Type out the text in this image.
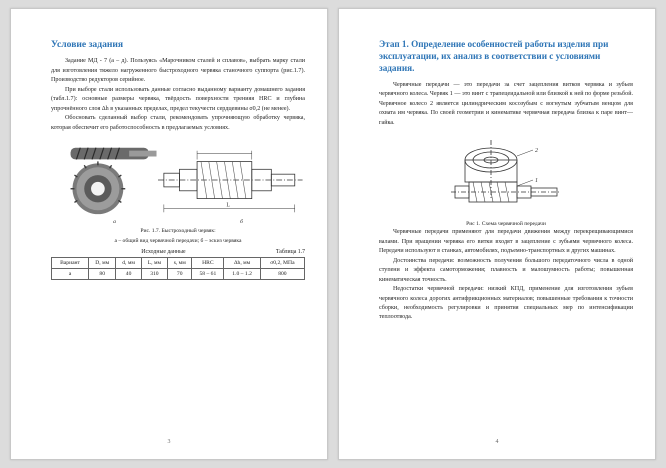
Условие задания

Задание МД - 7 (а – д). Пользуясь «Марочником сталей и сплавов», выбрать марку стали для изготовления тяжело нагруженного быстроходного червяка станочного суппорта (рис.1.7). Производство редукторов серийное.

При выборе стали использовать данные согласно выданному варианту домашнего задания (табл.1.7): основные размеры червяка, твёрдость поверхности тренияя HRC и глубина упрочнённого слоя Δh в указанных пределах, предел текучести сердцевины σ0,2 (не менее).

Обосновать сделанный выбор стали, рекомендовать упрочняющую обработку червяка, которая обеспечит его работоспособность в предлагаемых условиях.

L
а	б
Рис. 1.7. Быстроходный червяк:
а – общий вид червячной передачи; б – эскиз червяка
Исходные данные	Таблица 1.7
Вариант	D, мм	d, мм	L, мм	s, мм	HRC	Δh, мм	σ0,2, МПа
а	80	40	310	70	58 – 61	1.0 – 1.2	800
3
Этап 1. Определение особенностей работы изделия при эксплуатации, их анализ в соответствии с условиями задания.

Червячные передачи — это передачи за счет зацепления витков червяка и зубьев червячного колеса. Червяк 1 — это винт с трапецеидальной или близкой к ней по форме резьбой. Червячное колесо 2 является цилиндрическим косозубым с вогнутым зубчатым венцом для охвата им червяка. По своей геометрии и кинематике червячная передача близка к паре винт—гайка.

2
1
Рис 1. Схема червячной передачи

Червячные передачи применяют для передачи движения между перекрещивающимися валами. При вращении червяка его витки входят в зацепление с зубьями червячного колеса. Передачи используют в станках, автомобилях, подъемно-транспортных и других машинах.

Достоинства передачи: возможность получения большого передаточного числа в одной ступени и эффекта самоторможения; плавность и малошумность работы; повышенная кинематическая точность.

Недостатки червячной передачи: низкий КПД, применение для изготовления зубьев червячного колеса дорогих антифрикционных материалов; повышенные требования к точности сборки, необходимость регулировки и принятия специальных мер по интенсификации теплоотвода.

4
